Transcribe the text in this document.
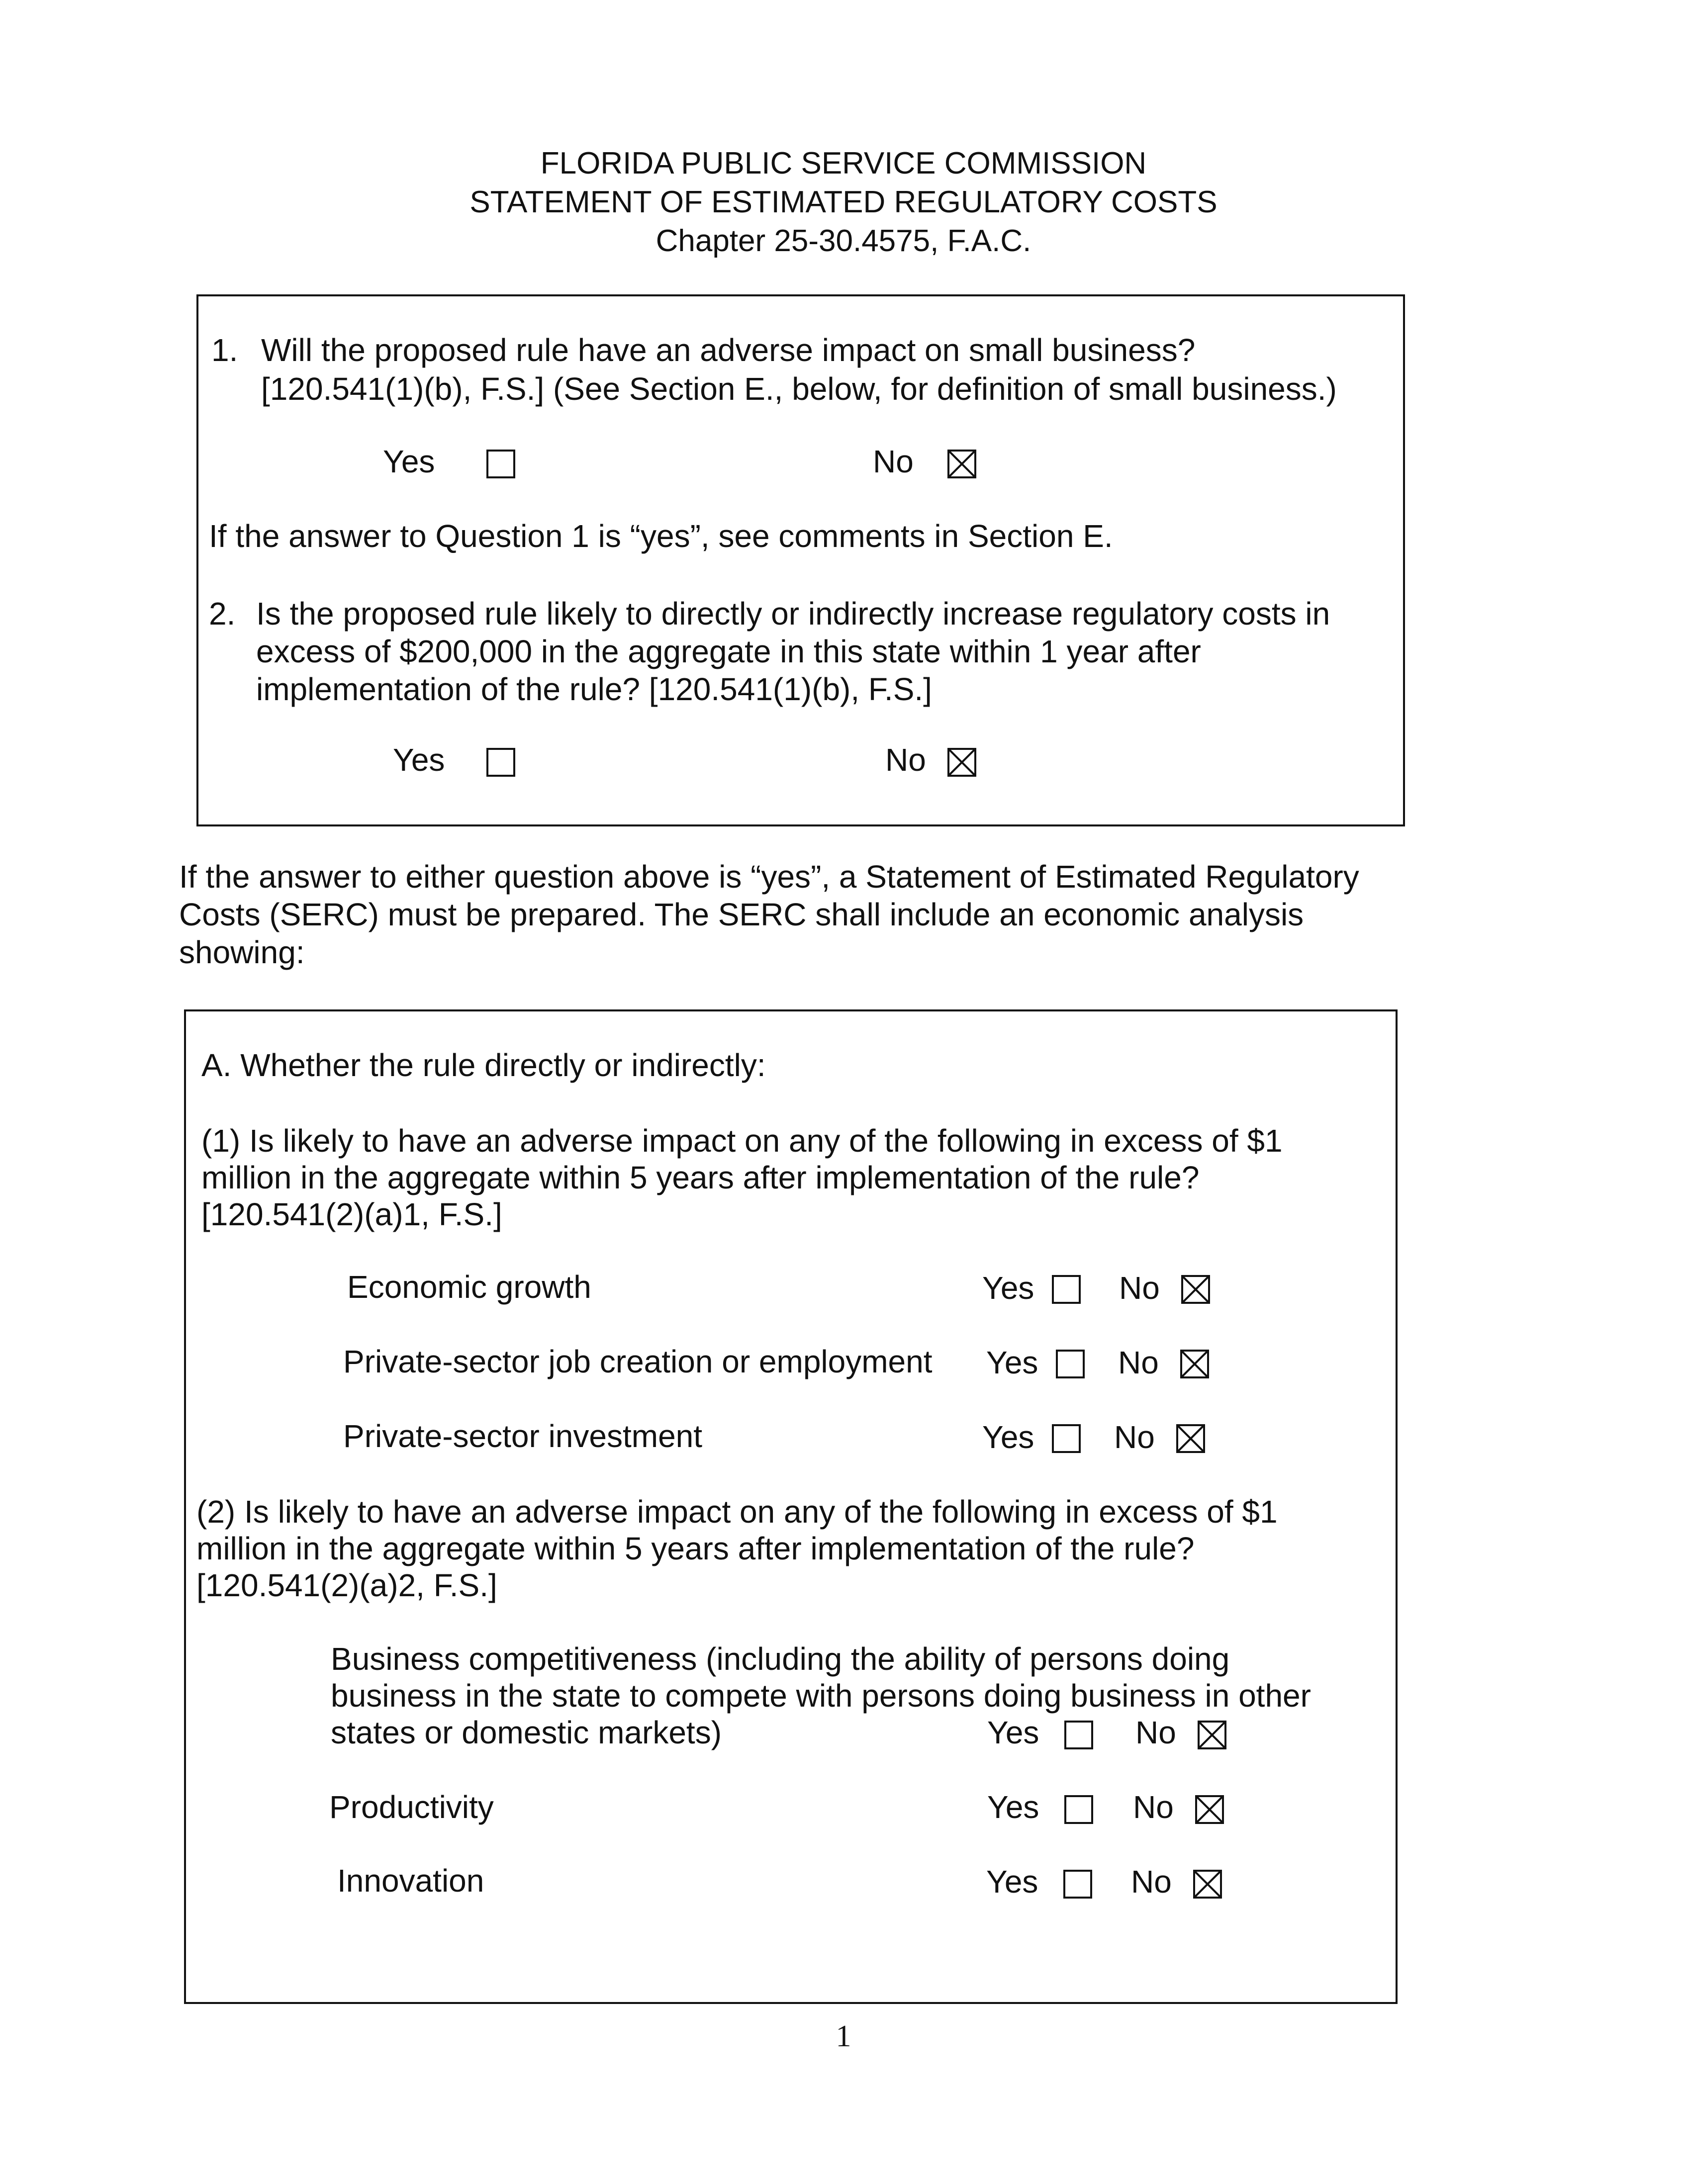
FLORIDA PUBLIC SERVICE COMMISSION
STATEMENT OF ESTIMATED REGULATORY COSTS
Chapter 25-30.4575, F.A.C.
1. Will the proposed rule have an adverse impact on small business?
[120.541(1)(b), F.S.] (See Section E., below, for definition of small business.)
Yes	No
If the answer to Question 1 is “yes”, see comments in Section E.
2. Is the proposed rule likely to directly or indirectly increase regulatory costs in
excess of $200,000 in the aggregate in this state within 1 year after
implementation of the rule? [120.541(1)(b), F.S.]
Yes	No
If the answer to either question above is “yes”, a Statement of Estimated Regulatory
Costs (SERC) must be prepared. The SERC shall include an economic analysis
showing:
A. Whether the rule directly or indirectly:
(1) Is likely to have an adverse impact on any of the following in excess of $1
million in the aggregate within 5 years after implementation of the rule?
[120.541(2)(a)1, F.S.]
Economic growth	Yes	No
Private-sector job creation or employment Yes	No
Private-sector investment	Yes	No
(2) Is likely to have an adverse impact on any of the following in excess of $1
million in the aggregate within 5 years after implementation of the rule?
[120.541(2)(a)2, F.S.]
Business competitiveness (including the ability of persons doing
business in the state to compete with persons doing business in other
states or domestic markets)	Yes	No
Productivity	Yes	No
Innovation	Yes	No
1
